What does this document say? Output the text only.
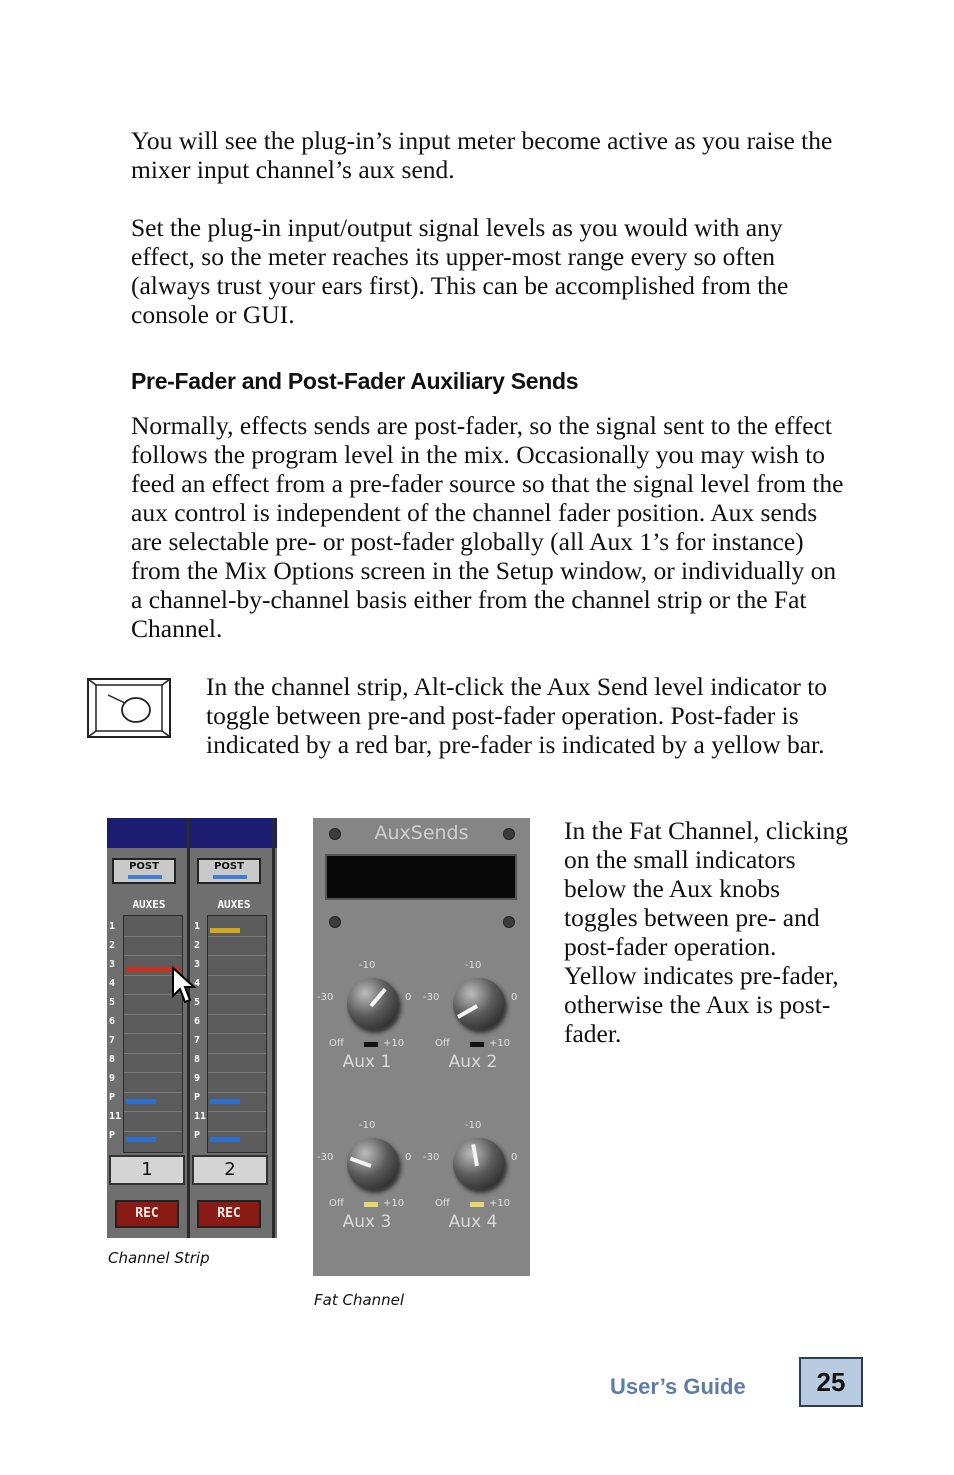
You will see the plug-in’s input meter become active as you raise the mixer input channel’s aux send.

Set the plug-in input/output signal levels as you would with any effect, so the meter reaches its upper-most range every so often (always trust your ears first). This can be accomplished from the console or GUI.

Pre-Fader and Post-Fader Auxiliary Sends

Normally, effects sends are post-fader, so the signal sent to the effect follows the program level in the mix. Occasionally you may wish to feed an effect from a pre-fader source so that the signal level from the aux control is independent of the channel fader position. Aux sends are selectable pre- or post-fader globally (all Aux 1’s for instance) from the Mix Options screen in the Setup window, or individually on a channel-by-channel basis either from the channel strip or the Fat Channel.

In the channel strip, Alt-click the Aux Send level indicator to toggle between pre-and post-fader operation. Post-fader is indicated by a red bar, pre-fader is indicated by a yellow bar.

POST
AUXES
1
REC
POST
AUXES
2
REC
1
2
3
4
5
6
7
8
9
P
11
P
1
2
3
4
5
6
7
8
9
P
11
P
Channel Strip
AuxSends
-10
-30	0
Off	+10
Aux 1
-10
-30	0
Off	+10
Aux 2
-10
-30	0
Off	+10
Aux 3
-10
-30	0
Off	+10
Aux 4
Fat Channel

In the Fat Channel, clicking on the small indicators below the Aux knobs toggles between pre- and post-fader operation. Yellow indicates pre-fader, otherwise the Aux is post-fader.

User’s Guide	25
